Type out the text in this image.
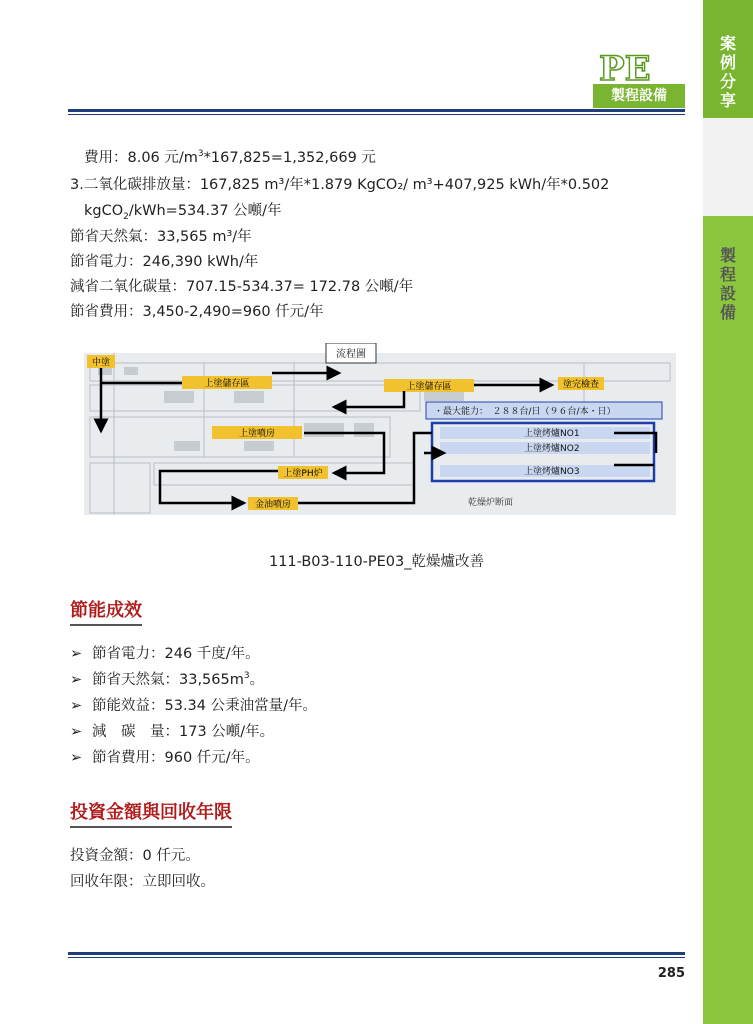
案
例
分
享
製
程
設
備
PE
製程設備
費用：8.06 元$/m^3*167,825=1,352,669$ 元
3.二氧化碳排放量：167,825 m³/年*1.879 KgCO₂/ m³+407,925 kWh/年*0.502
kgCO$_2$/kWh=534.37 公噸/年
節省天然氣：33,565 m³/年
節省電力：246,390 kWh/年
減省二氧化碳量：707.15-534.37= 172.78 公噸/年
節省費用：3,450-2,490=960 仟元/年
流程圖
中塗
上塗儲存區	上塗儲存區	塗完檢查
・最大能力：　２８８台/日（９６台/本・日）
上塗噴房	上塗烤爐NO1
上塗烤爐NO2
上塗烤爐NO3
上塗PH炉
金油噴房	乾燥炉断面
111-B03-110-PE03_乾燥爐改善
節能成效
➢ 節省電力：246 千度/年。
➢ 節省天然氣：$33,565m^3$。
➢ 節能效益：53.34 公秉油當量/年。
➢ 減　碳　量：173 公噸/年。
➢ 節省費用：960 仟元/年。
投資金額與回收年限
投資金額：0 仟元。
回收年限：立即回收。
285
